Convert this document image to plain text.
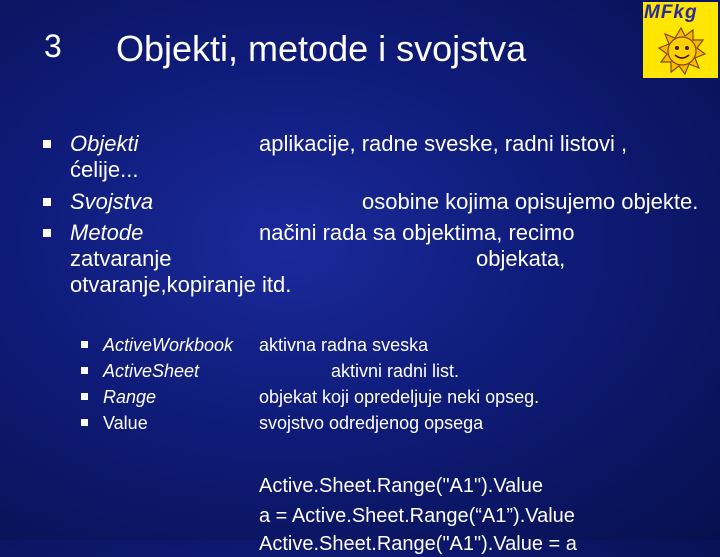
3 Objekti, metode i svojstva
MFkg
Objekti	aplikacije, radne sveske, radni listovi ,
ćelije...
Svojstva	osobine kojima opisujemo objekte.
Metode	načini rada sa objektima, recimo
zatvaranje	objekata,
otvaranje,kopiranje itd.
ActiveWorkbook aktivna radna sveska
ActiveSheet	aktivni radni list.
Range	objekat koji opredeljuje neki opseg.
Value	svojstvo odredjenog opsega
Active.Sheet.Range("A1").Value
a = Active.Sheet.Range(“A1”).Value
Active.Sheet.Range("A1").Value = a
